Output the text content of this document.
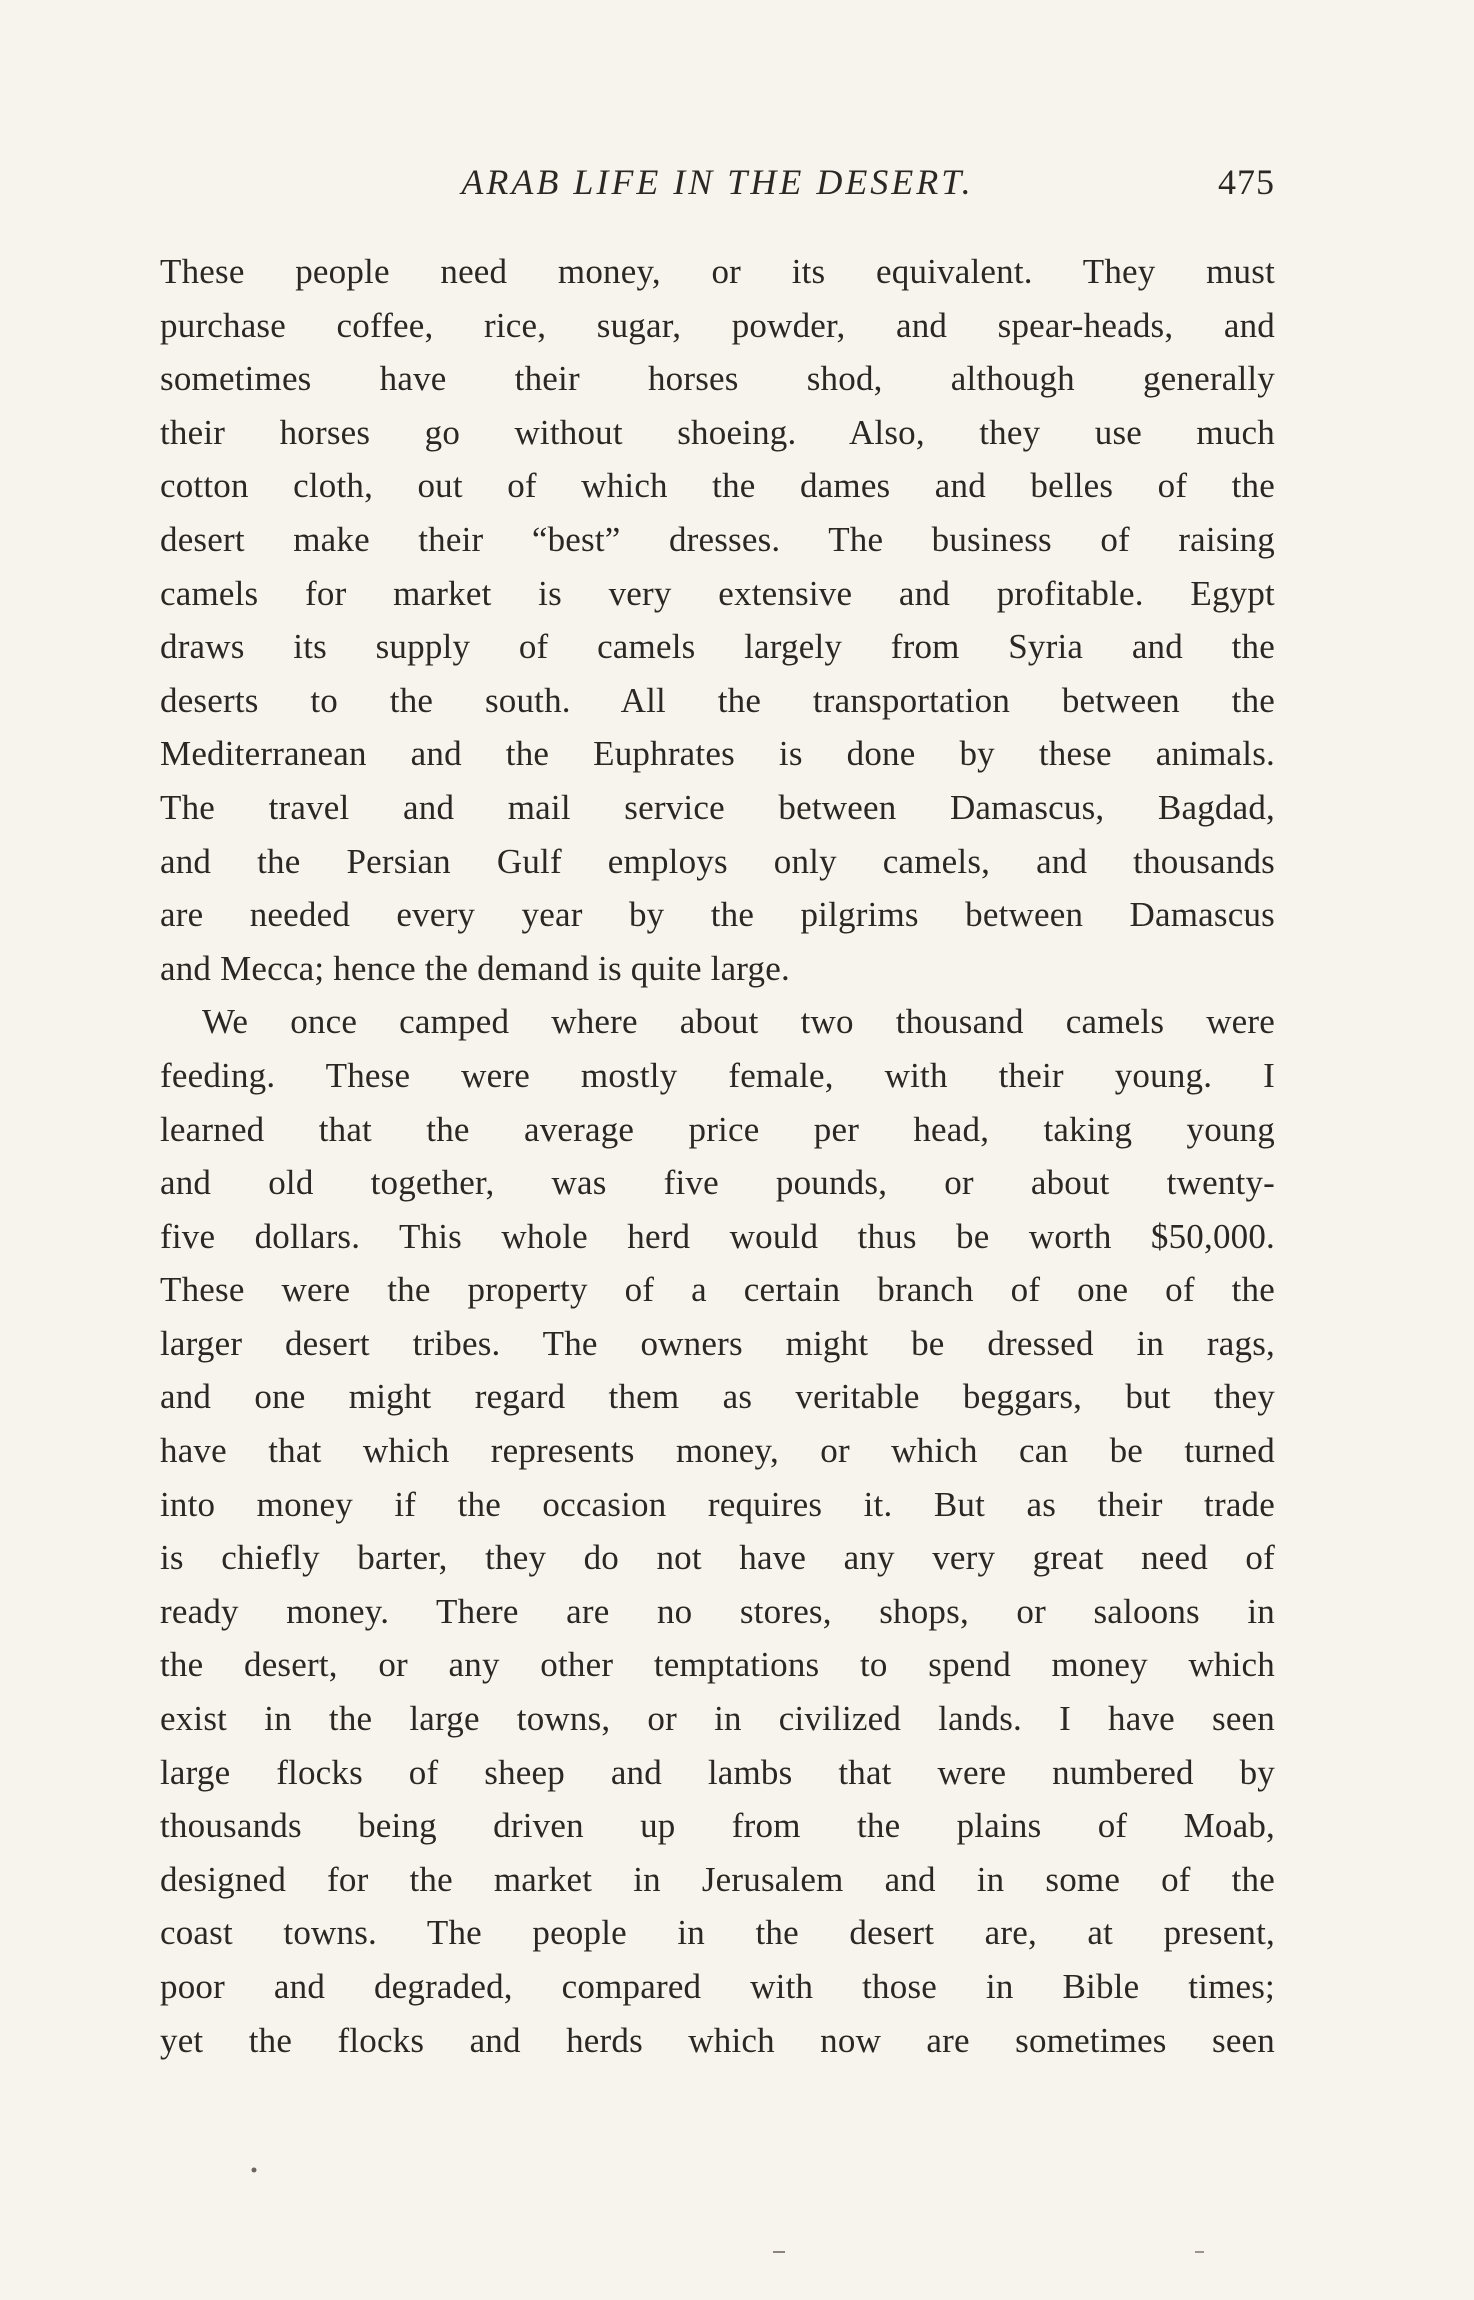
ARAB LIFE IN THE DESERT.	475
These people need money, or its equivalent. They must
purchase coffee, rice, sugar, powder, and spear-heads, and
sometimes have their horses shod, although generally
their horses go without shoeing. Also, they use much
cotton cloth, out of which the dames and belles of the
desert make their “best” dresses. The business of raising
camels for market is very extensive and profitable. Egypt
draws its supply of camels largely from Syria and the
deserts to the south. All the transportation between the
Mediterranean and the Euphrates is done by these animals.
The travel and mail service between Damascus, Bagdad,
and the Persian Gulf employs only camels, and thousands
are needed every year by the pilgrims between Damascus
and Mecca; hence the demand is quite large.
We once camped where about two thousand camels were
feeding. These were mostly female, with their young. I
learned that the average price per head, taking young
and old together, was five pounds, or about twenty-
five dollars. This whole herd would thus be worth $50,000.
These were the property of a certain branch of one of the
larger desert tribes. The owners might be dressed in rags,
and one might regard them as veritable beggars, but they
have that which represents money, or which can be turned
into money if the occasion requires it. But as their trade
is chiefly barter, they do not have any very great need of
ready money. There are no stores, shops, or saloons in
the desert, or any other temptations to spend money which
exist in the large towns, or in civilized lands. I have seen
large flocks of sheep and lambs that were numbered by
thousands being driven up from the plains of Moab,
designed for the market in Jerusalem and in some of the
coast towns. The people in the desert are, at present,
poor and degraded, compared with those in Bible times;
yet the flocks and herds which now are sometimes seen
